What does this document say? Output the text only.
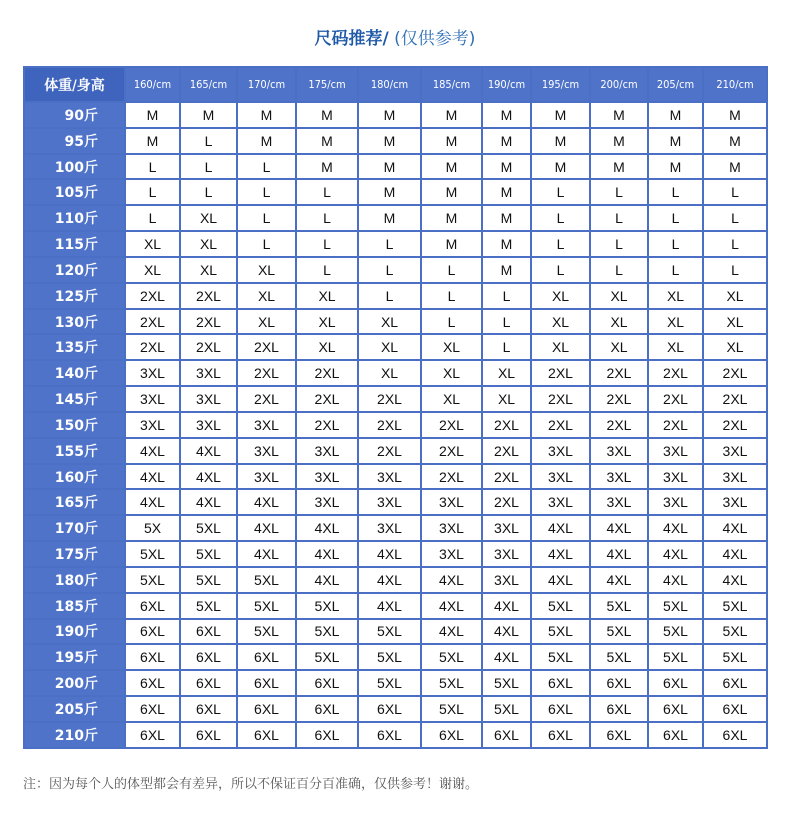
尺码推荐/ (仅供参考)
体重/身高	160/cm	165/cm	170/cm	175/cm	180/cm	185/cm	190/cm	195/cm	200/cm	205/cm	210/cm
90斤	M	M	M	M	M	M	M	M	M	M	M
95斤	M	L	M	M	M	M	M	M	M	M	M
100斤	L	L	L	M	M	M	M	M	M	M	M
105斤	L	L	L	L	M	M	M	L	L	L	L
110斤	L	XL	L	L	M	M	M	L	L	L	L
115斤	XL	XL	L	L	L	M	M	L	L	L	L
120斤	XL	XL	XL	L	L	L	M	L	L	L	L
125斤	2XL	2XL	XL	XL	L	L	L	XL	XL	XL	XL
130斤	2XL	2XL	XL	XL	XL	L	L	XL	XL	XL	XL
135斤	2XL	2XL	2XL	XL	XL	XL	L	XL	XL	XL	XL
140斤	3XL	3XL	2XL	2XL	XL	XL	XL	2XL	2XL	2XL	2XL
145斤	3XL	3XL	2XL	2XL	2XL	XL	XL	2XL	2XL	2XL	2XL
150斤	3XL	3XL	3XL	2XL	2XL	2XL	2XL	2XL	2XL	2XL	2XL
155斤	4XL	4XL	3XL	3XL	2XL	2XL	2XL	3XL	3XL	3XL	3XL
160斤	4XL	4XL	3XL	3XL	3XL	2XL	2XL	3XL	3XL	3XL	3XL
165斤	4XL	4XL	4XL	3XL	3XL	3XL	2XL	3XL	3XL	3XL	3XL
170斤	5X	5XL	4XL	4XL	3XL	3XL	3XL	4XL	4XL	4XL	4XL
175斤	5XL	5XL	4XL	4XL	4XL	3XL	3XL	4XL	4XL	4XL	4XL
180斤	5XL	5XL	5XL	4XL	4XL	4XL	3XL	4XL	4XL	4XL	4XL
185斤	6XL	5XL	5XL	5XL	4XL	4XL	4XL	5XL	5XL	5XL	5XL
190斤	6XL	6XL	5XL	5XL	5XL	4XL	4XL	5XL	5XL	5XL	5XL
195斤	6XL	6XL	6XL	5XL	5XL	5XL	4XL	5XL	5XL	5XL	5XL
200斤	6XL	6XL	6XL	6XL	5XL	5XL	5XL	6XL	6XL	6XL	6XL
205斤	6XL	6XL	6XL	6XL	6XL	5XL	5XL	6XL	6XL	6XL	6XL
210斤	6XL	6XL	6XL	6XL	6XL	6XL	6XL	6XL	6XL	6XL	6XL
注：因为每个人的体型都会有差异，所以不保证百分百准确，仅供参考！谢谢。
